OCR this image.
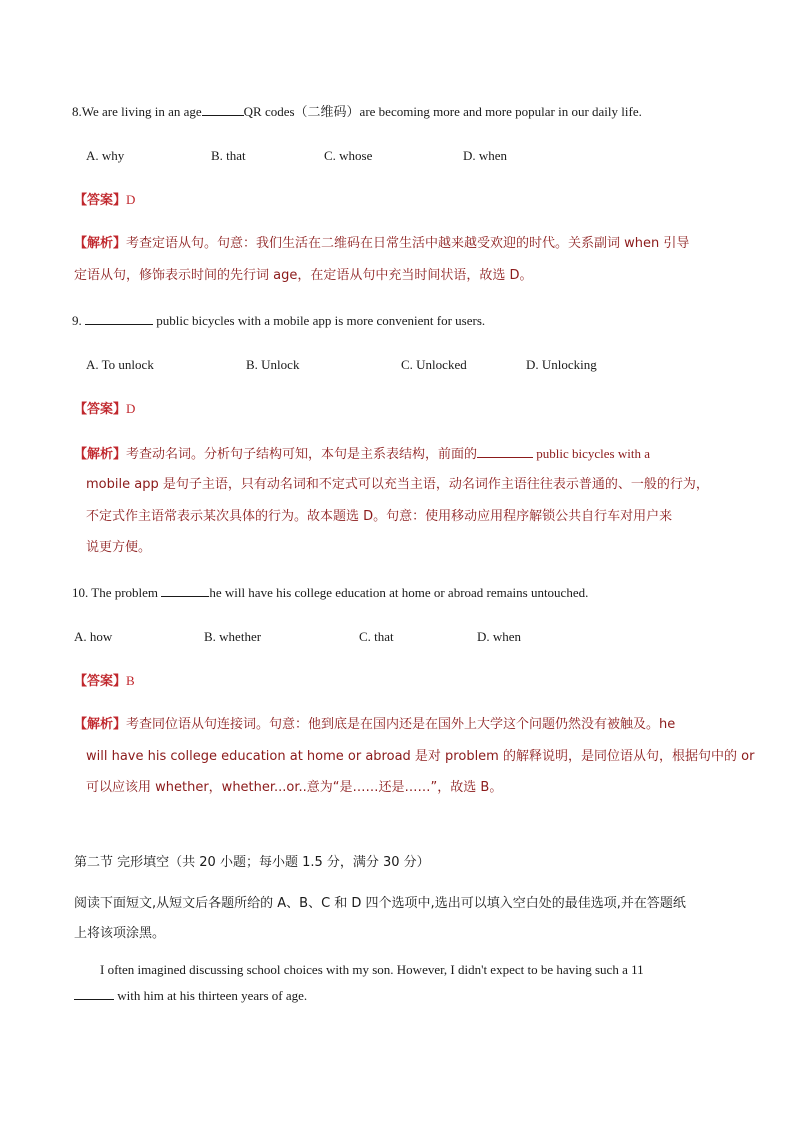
8.We are living in an age	QR codes（二维码）are becoming more and more popular in our daily life.
A. why	B. that	C. whose	D. when
【答案】D
【解析】考查定语从句。句意：我们生活在二维码在日常生活中越来越受欢迎的时代。关系副词 when 引导
定语从句，修饰表示时间的先行词 age，在定语从句中充当时间状语，故选 D。
9.	public bicycles with a mobile app is more convenient for users.
A. To unlock	B. Unlock	C. Unlocked	D. Unlocking
【答案】D
【解析】考查动名词。分析句子结构可知，本句是主系表结构，前面的	public bicycles with a
mobile app 是句子主语，只有动名词和不定式可以充当主语，动名词作主语往往表示普通的、一般的行为，
不定式作主语常表示某次具体的行为。故本题选 D。句意：使用移动应用程序解锁公共自行车对用户来
说更方便。
10. The problem	he will have his college education at home or abroad remains untouched.
A. how	B. whether	C. that	D. when
【答案】B
【解析】考查同位语从句连接词。句意：他到底是在国内还是在国外上大学这个问题仍然没有被触及。he
will have his college education at home or abroad 是对 problem 的解释说明，是同位语从句，根据句中的 or
可以应该用 whether，whether...or..意为“是……还是……”，故选 B。
第二节 完形填空（共 20 小题；每小题 1.5 分，满分 30 分）
阅读下面短文,从短文后各题所给的 A、B、C 和 D 四个选项中,选出可以填入空白处的最佳选项,并在答题纸
上将该项涂黑。
I often imagined discussing school choices with my son. However, I didn't expect to be having such a 11
with him at his thirteen years of age.
